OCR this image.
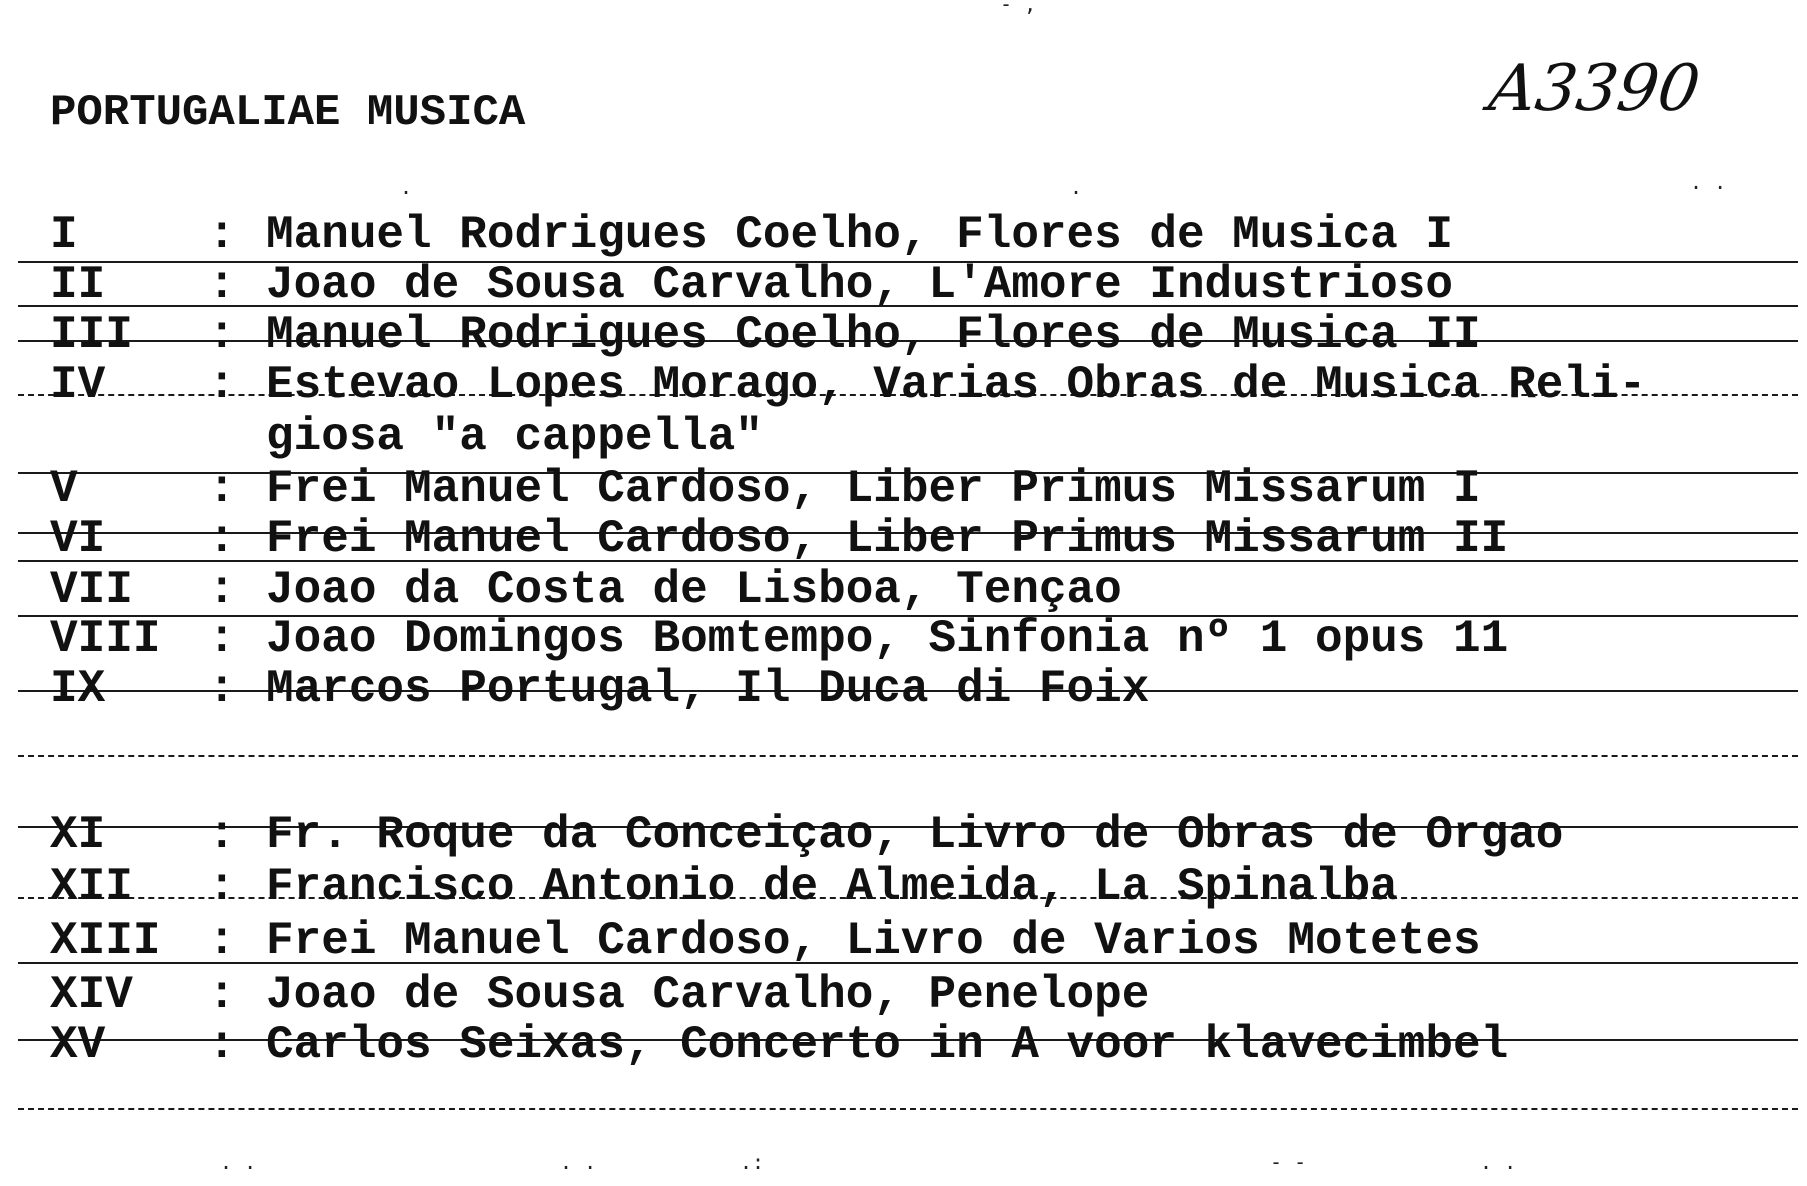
PORTUGALIAE MUSICA	A3390
.	.	. .
- ,
I	: Manuel Rodrigues Coelho, Flores de Musica I
II : Joao de Sousa Carvalho, L'Amore Industrioso
III : Manuel Rodrigues Coelho, Flores de Musica II
IV : Estevao Lopes Morago, Varias Obras de Musica Reli-
giosa "a cappella"
V	: Frei Manuel Cardoso, Liber Primus Missarum I
VI : Frei Manuel Cardoso, Liber Primus Missarum II
VII : Joao da Costa de Lisboa, Tençao
VIII : Joao Domingos Bomtempo, Sinfonia nº 1 opus 11
IX : Marcos Portugal, Il Duca di Foix
XI : Fr. Roque da Conceiçao, Livro de Obras de Orgao
XII : Francisco Antonio de Almeida, La Spinalba
XIII : Frei Manuel Cardoso, Livro de Varios Motetes
XIV : Joao de Sousa Carvalho, Penelope
XV : Carlos Seixas, Concerto in A voor klavecimbel
. .	. .	.:	- -	. .
